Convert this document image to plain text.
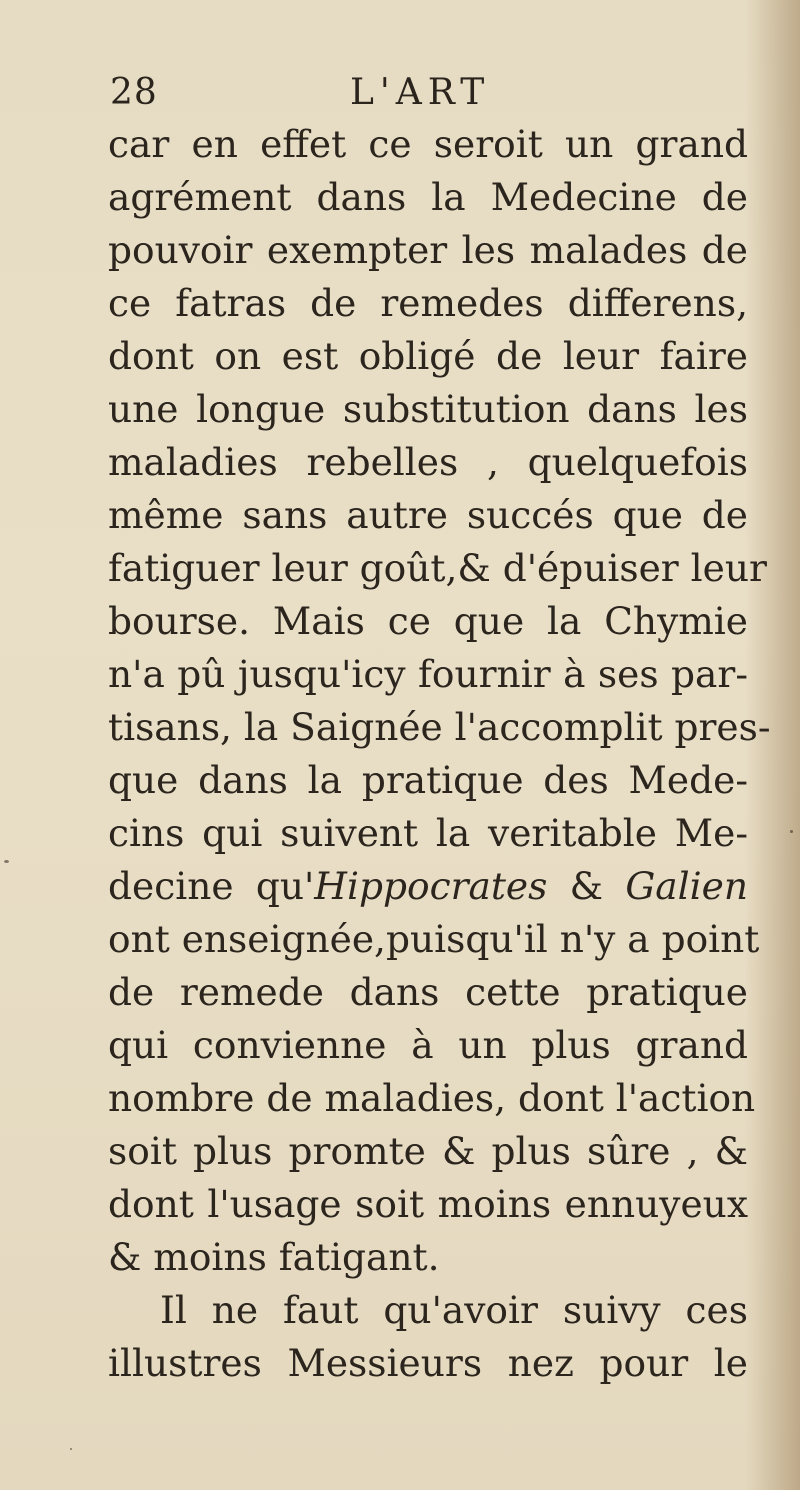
28	L'ART
car en effet ce seroit un grand
agrément dans la Medecine de
pouvoir exempter les malades de
ce fatras de remedes differens,
dont on est obligé de leur faire
une longue substitution dans les
maladies rebelles , quelquefois
même sans autre succés que de
fatiguer leur goût,& d'épuiser leur
bourse. Mais ce que la Chymie
n'a pû jusqu'icy fournir à ses par-
tisans, la Saignée l'accomplit pres-
que dans la pratique des Mede-
cins qui suivent la veritable Me-
decine qu'Hippocrates & Galien
ont enseignée,puisqu'il n'y a point
de remede dans cette pratique
qui convienne à un plus grand
nombre de maladies, dont l'action
soit plus promte & plus sûre , &
dont l'usage soit moins ennuyeux
& moins fatigant.
Il ne faut qu'avoir suivy ces
illustres Messieurs nez pour le
